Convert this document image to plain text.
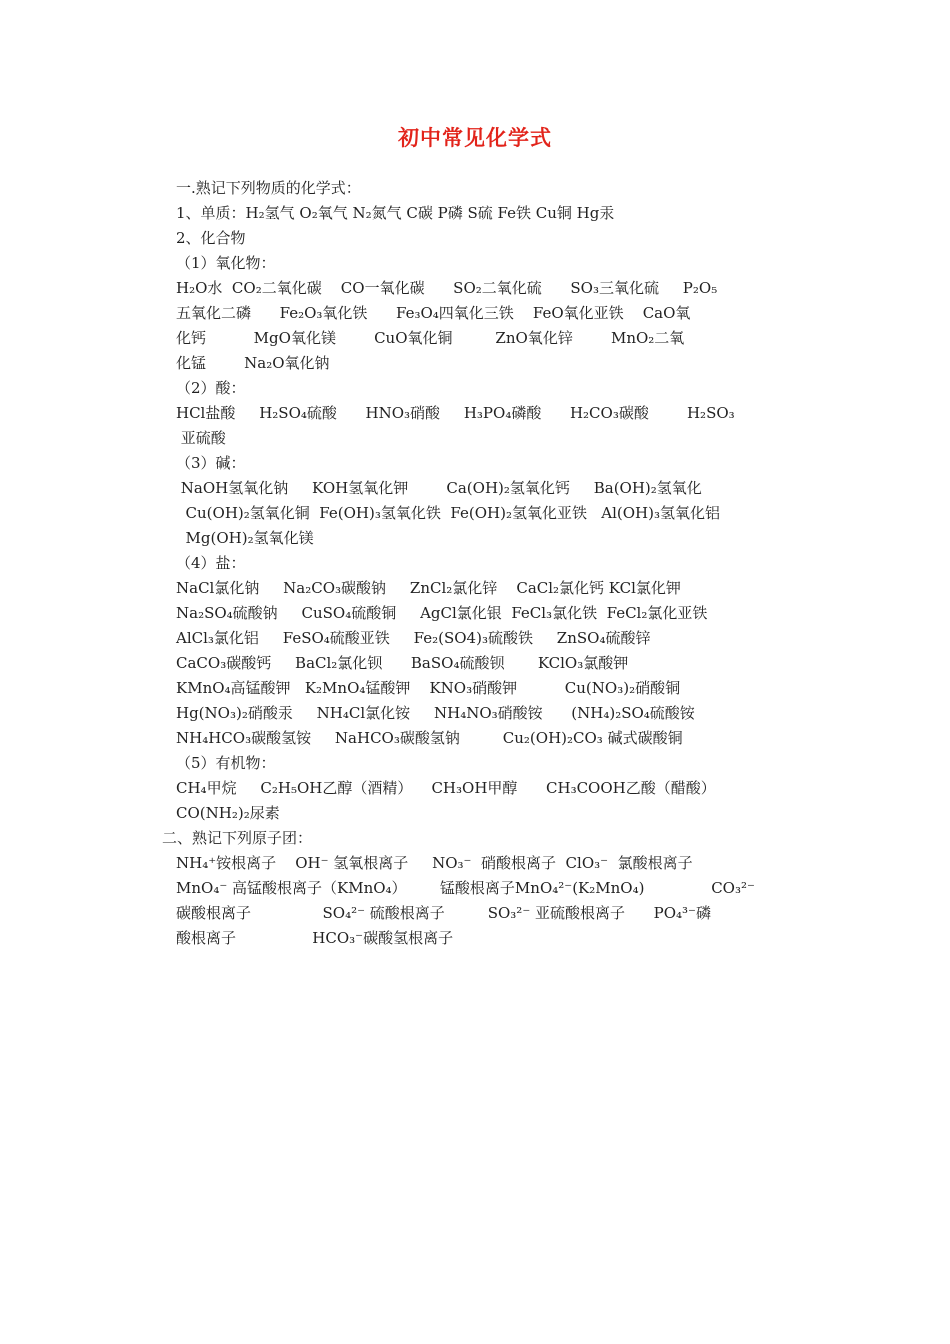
初中常见化学式
一.熟记下列物质的化学式：
1、单质：H₂氢气 O₂氧气 N₂氮气 C碳 P磷 S硫 Fe铁 Cu铜 Hg汞
2、化合物
（1）氧化物：
H₂O水  CO₂二氧化碳    CO一氧化碳      SO₂二氧化硫      SO₃三氧化硫     P₂O₅
五氧化二磷      Fe₂O₃氧化铁      Fe₃O₄四氧化三铁    FeO氧化亚铁    CaO氧
化钙          MgO氧化镁        CuO氧化铜         ZnO氧化锌        MnO₂二氧
化锰        Na₂O氧化钠
（2）酸：
HCl盐酸     H₂SO₄硫酸      HNO₃硝酸     H₃PO₄磷酸      H₂CO₃碳酸        H₂SO₃
亚硫酸
（3）碱：
NaOH氢氧化钠     KOH氢氧化钾        Ca(OH)₂氢氧化钙     Ba(OH)₂氢氧化
Cu(OH)₂氢氧化铜  Fe(OH)₃氢氧化铁  Fe(OH)₂氢氧化亚铁   Al(OH)₃氢氧化铝
Mg(OH)₂氢氧化镁
（4）盐：
NaCl氯化钠     Na₂CO₃碳酸钠     ZnCl₂氯化锌    CaCl₂氯化钙 KCl氯化钾
Na₂SO₄硫酸钠     CuSO₄硫酸铜     AgCl氯化银  FeCl₃氯化铁  FeCl₂氯化亚铁
AlCl₃氯化铝     FeSO₄硫酸亚铁     Fe₂(SO4)₃硫酸铁     ZnSO₄硫酸锌
CaCO₃碳酸钙     BaCl₂氯化钡      BaSO₄硫酸钡       KClO₃氯酸钾
KMnO₄高锰酸钾   K₂MnO₄锰酸钾    KNO₃硝酸钾          Cu(NO₃)₂硝酸铜
Hg(NO₃)₂硝酸汞     NH₄Cl氯化铵     NH₄NO₃硝酸铵      (NH₄)₂SO₄硫酸铵
NH₄HCO₃碳酸氢铵     NaHCO₃碳酸氢钠         Cu₂(OH)₂CO₃ 碱式碳酸铜
（5）有机物：
CH₄甲烷     C₂H₅OH乙醇（酒精）    CH₃OH甲醇      CH₃COOH乙酸（醋酸）
CO(NH₂)₂尿素
二、熟记下列原子团：
NH₄⁺铵根离子    OH⁻ 氢氧根离子     NO₃⁻  硝酸根离子  ClO₃⁻  氯酸根离子
MnO₄⁻ 高锰酸根离子（KMnO₄）       锰酸根离子MnO₄²⁻(K₂MnO₄)              CO₃²⁻
碳酸根离子               SO₄²⁻ 硫酸根离子         SO₃²⁻ 亚硫酸根离子      PO₄³⁻磷
酸根离子                HCO₃⁻碳酸氢根离子
